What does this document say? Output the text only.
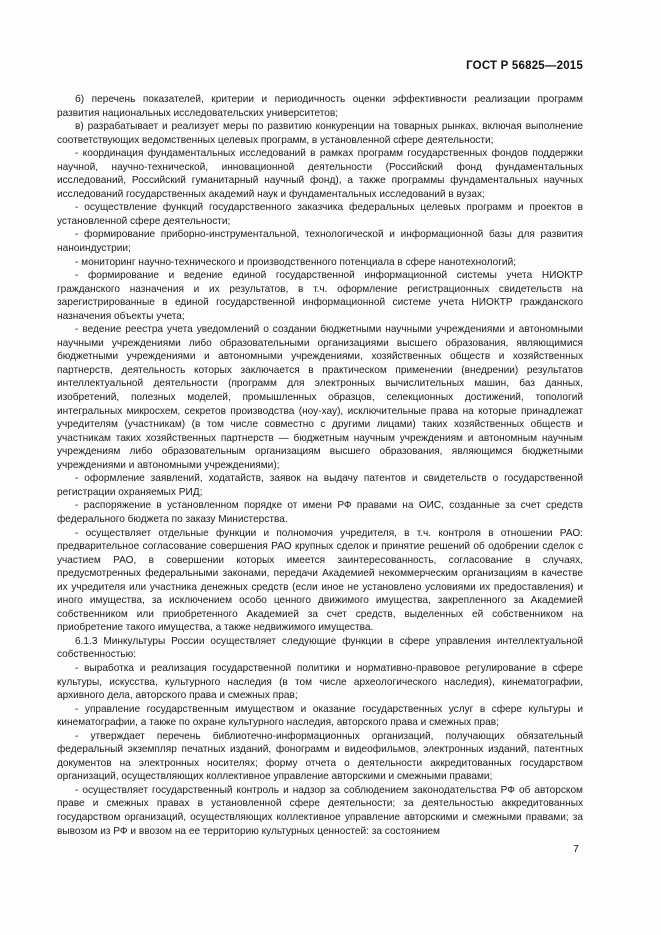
ГОСТ Р 56825—2015

б) перечень показателей, критерии и периодичность оценки эффективности реализации программ развития национальных исследовательских университетов;

в) разрабатывает и реализует меры по развитию конкуренции на товарных рынках, включая выполнение соответствующих ведомственных целевых программ, в установленной сфере деятельности;

- координация фундаментальных исследований в рамках программ государственных фондов поддержки научной, научно-технической, инновационной деятельности (Российский фонд фундаментальных исследований, Российский гуманитарный научный фонд), а также программы фундаментальных научных исследований государственных академий наук и фундаментальных исследований в вузах;

- осуществление функций государственного заказчика федеральных целевых программ и проектов в установленной сфере деятельности;

- формирование приборно-инструментальной, технологической и информационной базы для развития наноиндустрии;

- мониторинг научно-технического и производственного потенциала в сфере нанотехнологий;

- формирование и ведение единой государственной информационной системы учета НИОКТР гражданского назначения и их результатов, в т.ч. оформление регистрационных свидетельств на зарегистрированные в единой государственной информационной системе учета НИОКТР гражданского назначения объекты учета;

- ведение реестра учета уведомлений о создании бюджетными научными учреждениями и автономными научными учреждениями либо образовательными организациями высшего образования, являющимися бюджетными учреждениями и автономными учреждениями, хозяйственных обществ и хозяйственных партнерств, деятельность которых заключается в практическом применении (внедрении) результатов интеллектуальной деятельности (программ для электронных вычислительных машин, баз данных, изобретений, полезных моделей, промышленных образцов, селекционных достижений, топологий интегральных микросхем, секретов производства (ноу-хау), исключительные права на которые принадлежат учредителям (участникам) (в том числе совместно с другими лицами) таких хозяйственных обществ и участникам таких хозяйственных партнерств — бюджетным научным учреждениям и автономным научным учреждениям либо образовательным организациям высшего образования, являющимся бюджетными учреждениями и автономными учреждениями);

- оформление заявлений, ходатайств, заявок на выдачу патентов и свидетельств о государственной регистрации охраняемых РИД;

- распоряжение в установленном порядке от имени РФ правами на ОИС, созданные за счет средств федерального бюджета по заказу Министерства.

- осуществляет отдельные функции и полномочия учредителя, в т.ч. контроля в отношении РАО: предварительное согласование совершения РАО крупных сделок и принятие решений об одобрении сделок с участием РАО, в совершении которых имеется заинтересованность, согласование в случаях, предусмотренных федеральными законами, передачи Академией некоммерческим организациям в качестве их учредителя или участника денежных средств (если иное не установлено условиями их предоставления) и иного имущества, за исключением особо ценного движимого имущества, закрепленного за Академией собственником или приобретенного Академией за счет средств, выделенных ей собственником на приобретение такого имущества, а также недвижимого имущества.

6.1.3 Минкультуры России осуществляет следующие функции в сфере управления интеллектуальной собственностью:

- выработка и реализация государственной политики и нормативно-правовое регулирование в сфере культуры, искусства, культурного наследия (в том числе археологического наследия), кинематографии, архивного дела, авторского права и смежных прав;

- управление государственным имуществом и оказание государственных услуг в сфере культуры и кинематографии, а также по охране культурного наследия, авторского права и смежных прав;

- утверждает перечень библиотечно-информационных организаций, получающих обязательный федеральный экземпляр печатных изданий, фонограмм и видеофильмов, электронных изданий, патентных документов на электронных носителях; форму отчета о деятельности аккредитованных государством организаций, осуществляющих коллективное управление авторскими и смежными правами;

- осуществляет государственный контроль и надзор за соблюдением законодательства РФ об авторском праве и смежных правах в установленной сфере деятельности; за деятельностью аккредитованных государством организаций, осуществляющих коллективное управление авторскими и смежными правами; за вывозом из РФ и ввозом на ее территорию культурных ценностей: за состоянием

7
